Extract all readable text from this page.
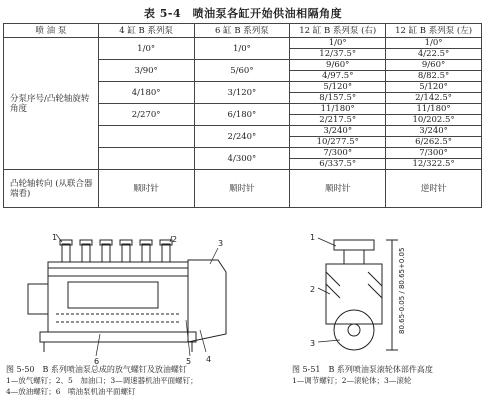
表 5-4　喷油泵各缸开始供油相隔角度
喷 油 泵	4 缸 B 系列泵	6 缸 B 系列泵	12 缸 B 系列泵 (右)	12 缸 B 系列泵 (左)
分泵序号/凸轮轴旋转角度	1/0°	1/0°	1/0°	1/0°
			12/37.5°	4/22.5°
	3/90°	5/60°	9/60°	9/60°
			4/97.5°	8/82.5°
	4/180°	3/120°	5/120°	5/120°
			8/157.5°	2/142.5°
	2/270°	6/180°	11/180°	11/180°
			2/217.5°	10/202.5°
		2/240°	3/240°	3/240°
			10/277.5°	6/262.5°
		4/300°	7/300°	7/300°
			6/337.5°	12/322.5°
凸轮轴转向 (从联合器端看)	顺时针	顺时针	顺时针	逆时针
1	2	3
4
5
6
1
2
3
80.65-0.05 / 80.65+0.05
图 5-50　B 系列喷油泵总成的放气螺钉及放油螺钉
1—放气螺钉；2、5　加油口；3—调速器机油平面螺钉；
4—放油螺钉；6　喷油泵机油平面螺钉
图 5-51　B 系列喷油泵滚轮体部件高度
1—调节螺钉；2—滚轮体；3—滚轮
